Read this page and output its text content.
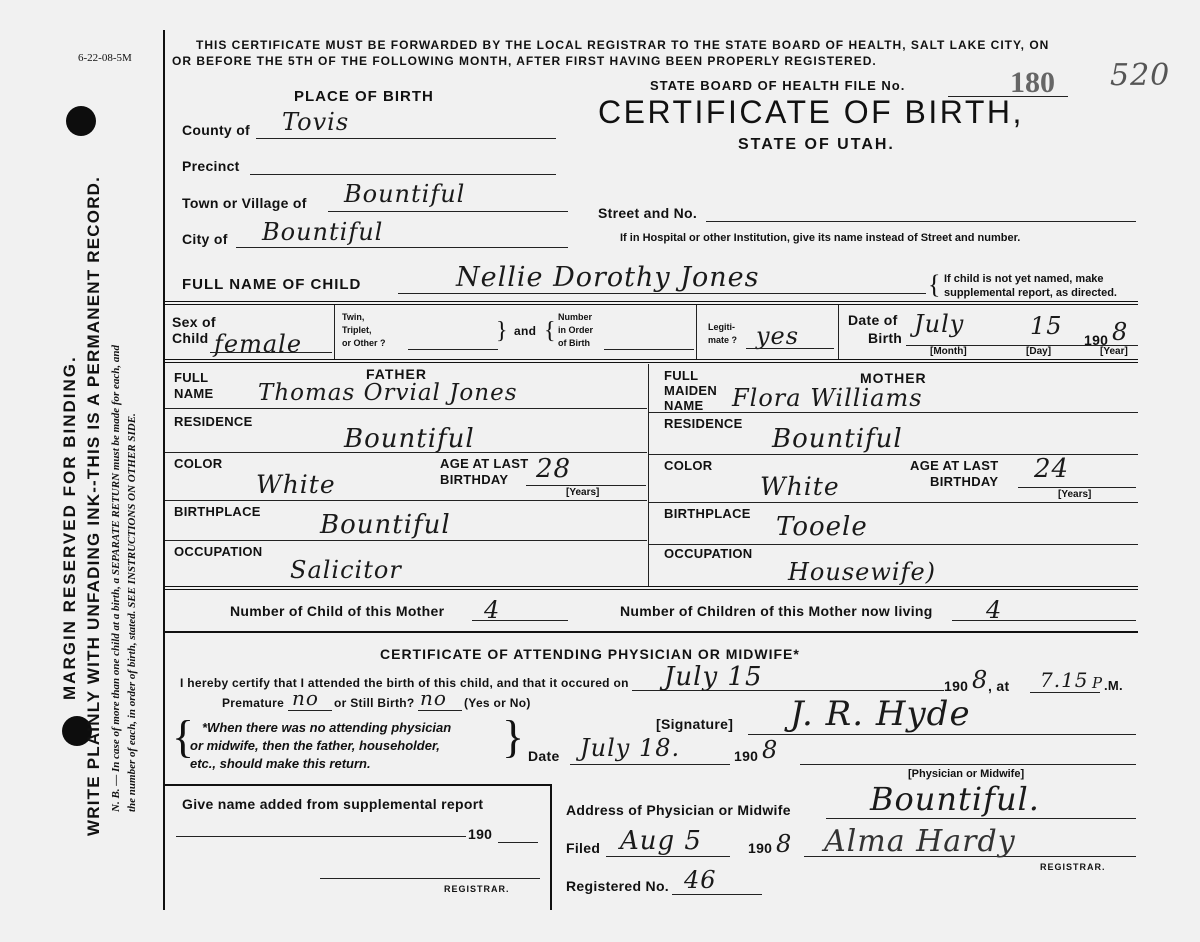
6-22-08-5M
MARGIN RESERVED FOR BINDING. WRITE PLAINLY WITH UNFADING INK--THIS IS A PERMANENT RECORD. N. B. — In case of more than one child at a birth, a SEPARATE RETURN must be made for each, and the number of each, in order of birth, stated. SEE INSTRUCTIONS ON OTHER SIDE.
THIS CERTIFICATE MUST BE FORWARDED BY THE LOCAL REGISTRAR TO THE STATE BOARD OF HEALTH, SALT LAKE CITY, ON
OR BEFORE THE 5TH OF THE FOLLOWING MONTH, AFTER FIRST HAVING BEEN PROPERLY REGISTERED.
STATE BOARD OF HEALTH FILE No.	180 520
CERTIFICATE OF BIRTH,
STATE OF UTAH.
PLACE OF BIRTH
County of Tovis
Precinct
Town or Village of Bountiful
City of Bountiful
Street and No.
If in Hospital or other Institution, give its name instead of Street and number.
FULL NAME OF CHILD	Nellie Dorothy Jones	{ If child is not yet named, make
supplemental report, as directed.
Sex of
Child female
Twin,
Triplet,
or Other ?	} and {
Number
in Order
of Birth
Legiti-
mate ? yes
Date of
Birth July	15 190 8
[Month]	[Day]	[Year]
FATHER
FULL
NAME Thomas Orvial Jones
RESIDENCE
Bountiful
COLOR
White
AGE AT LAST
BIRTHDAY 28
[Years]
BIRTHPLACE Bountiful
OCCUPATION
Salicitor
MOTHER
FULL
MAIDEN
NAME Flora Williams
RESIDENCE
Bountiful
COLOR
White
AGE AT LAST
BIRTHDAY 24
[Years]
BIRTHPLACE Tooele
OCCUPATION
Housewife)
Number of Child of this Mother 4	Number of Children of this Mother now living 4
CERTIFICATE OF ATTENDING PHYSICIAN OR MIDWIFE*
I hereby certify that I attended the birth of this child, and that it occured on July 15	190 8 , at 7.15 P .M.
Premature no or Still Birth? no (Yes or No)
{ *When there was no attending physician
or midwife, then the father, householder,
etc., should make this return.
}	[Signature] J. R. Hyde
Date July 18.	190 8
[Physician or Midwife]
Give name added from supplemental report
190
REGISTRAR.
Address of Physician or Midwife Bountiful.
Filed Aug 5	190 8 Alma Hardy
REGISTRAR.
Registered No. 46
